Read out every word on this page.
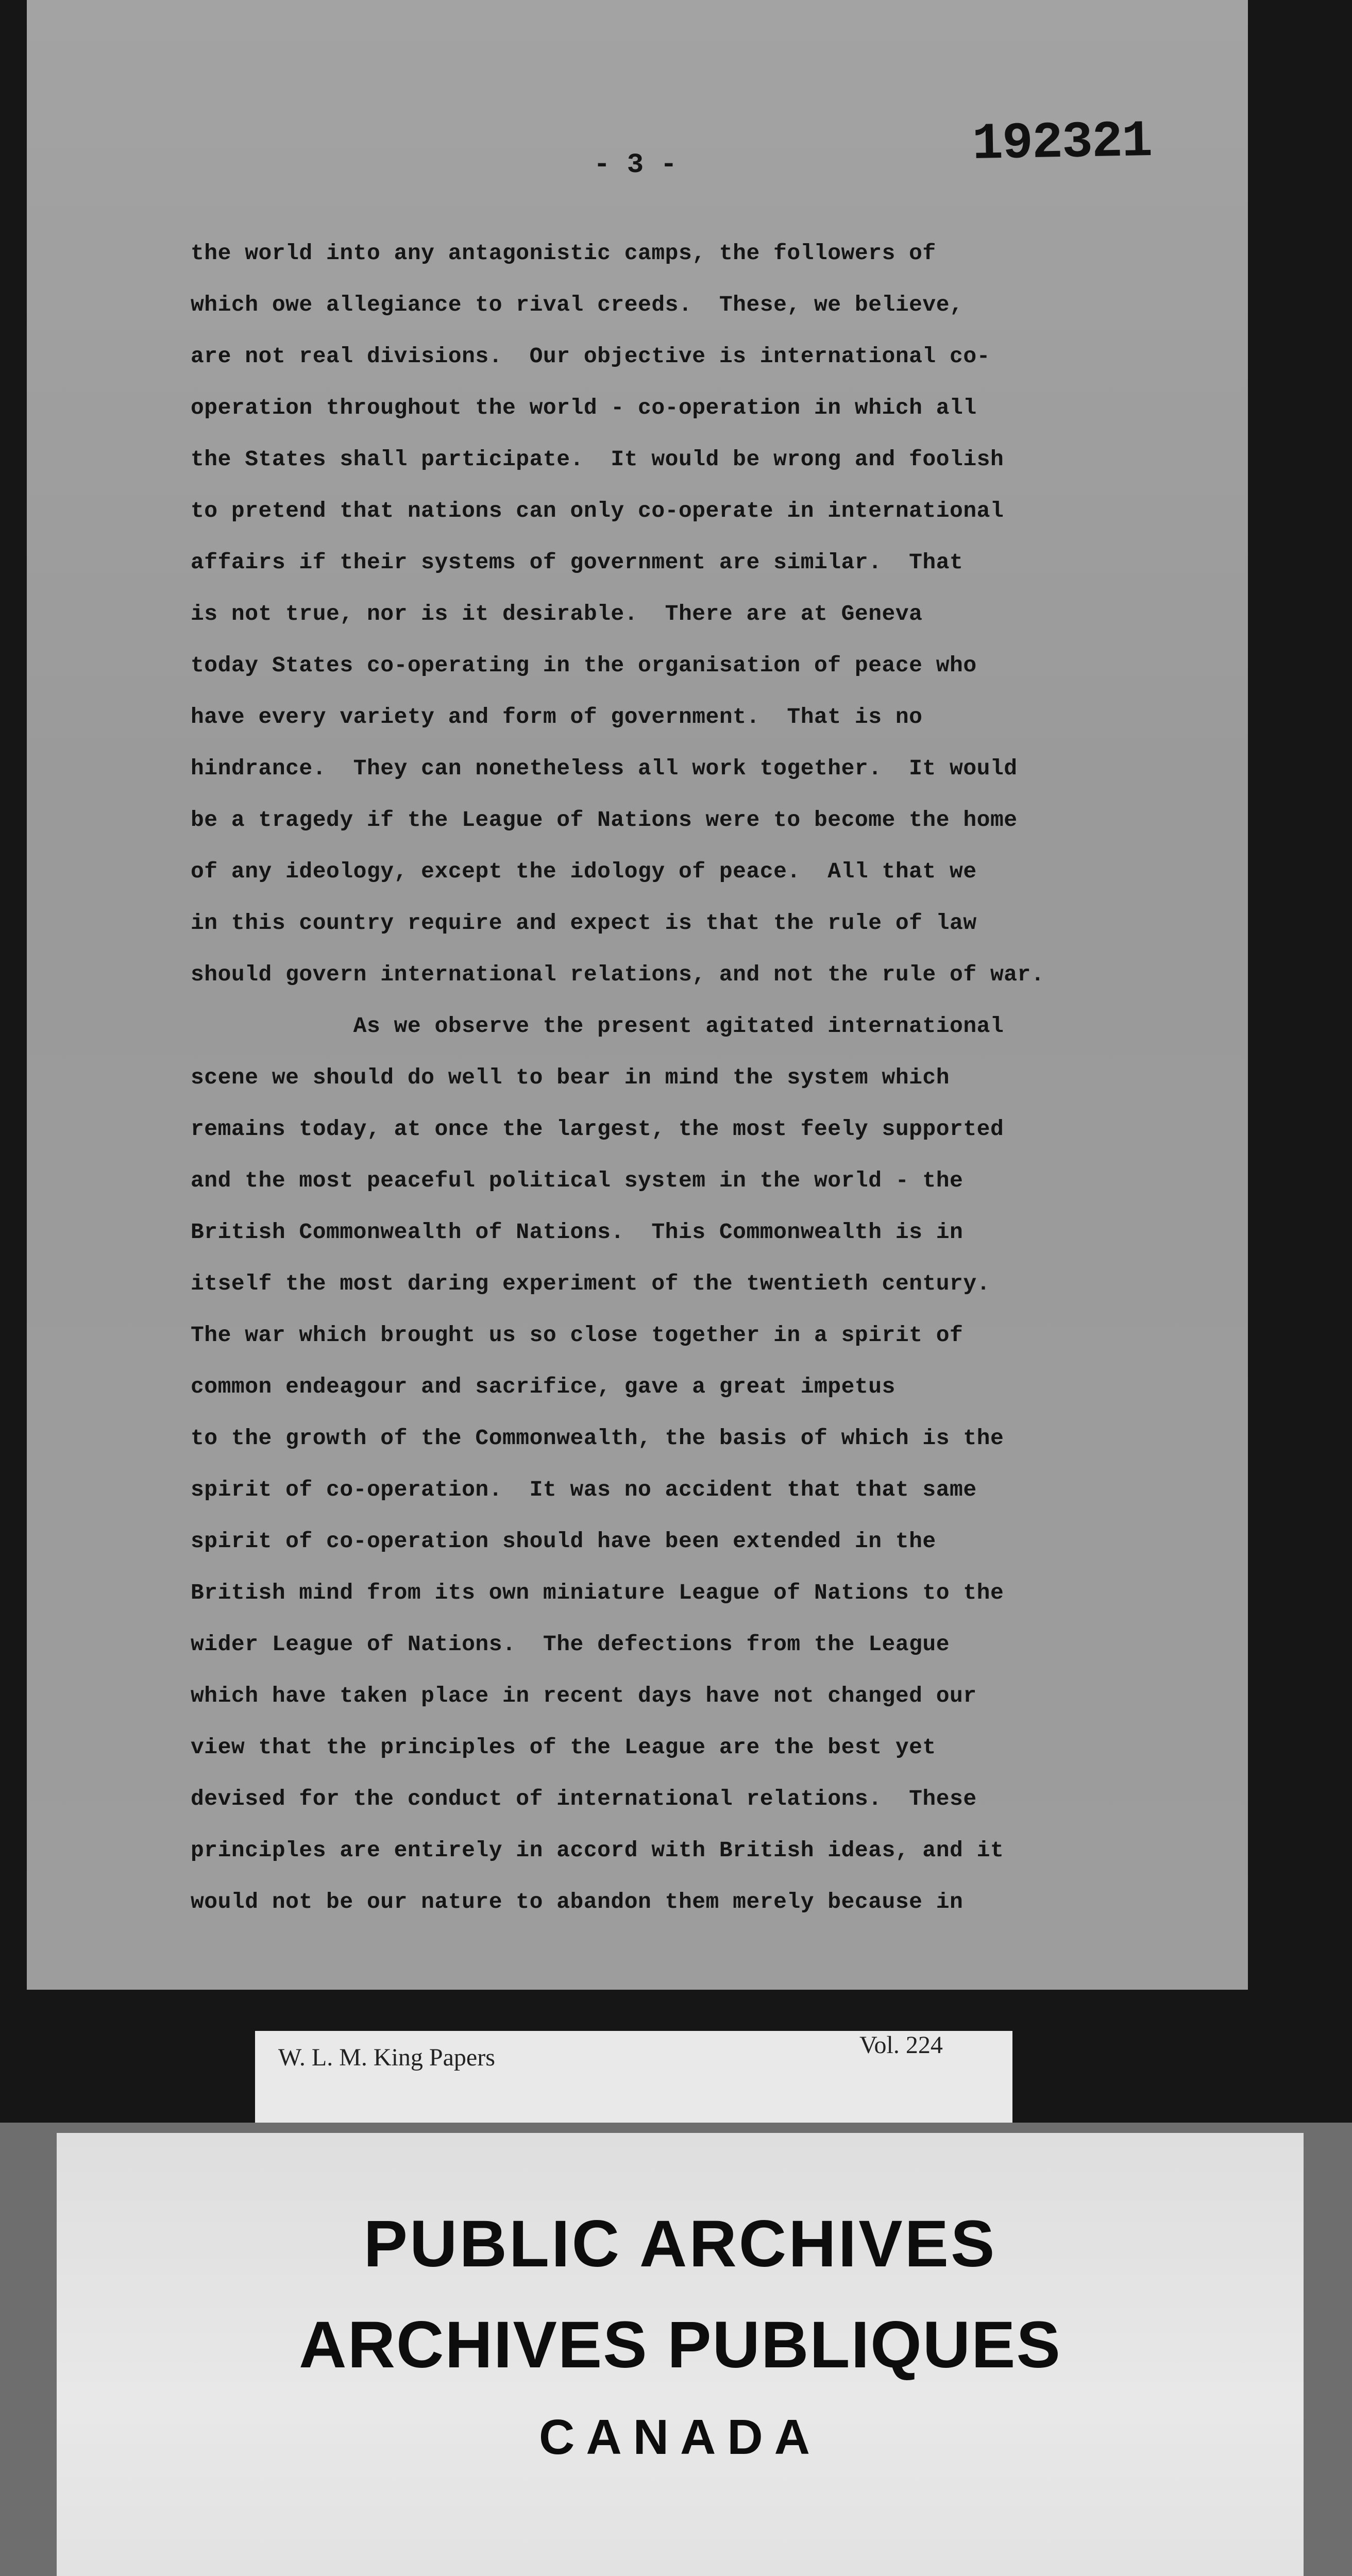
192321
- 3 -
the world into any antagonistic camps, the followers of
which owe allegiance to rival creeds.  These, we believe,
are not real divisions.  Our objective is international co-
operation throughout the world - co-operation in which all
the States shall participate.  It would be wrong and foolish
to pretend that nations can only co-operate in international
affairs if their systems of government are similar.  That
is not true, nor is it desirable.  There are at Geneva
today States co-operating in the organisation of peace who
have every variety and form of government.  That is no
hindrance.  They can nonetheless all work together.  It would
be a tragedy if the League of Nations were to become the home
of any ideology, except the idology of peace.  All that we
in this country require and expect is that the rule of law
should govern international relations, and not the rule of war.
As we observe the present agitated international
scene we should do well to bear in mind the system which
remains today, at once the largest, the most feely supported
and the most peaceful political system in the world - the
British Commonwealth of Nations.  This Commonwealth is in
itself the most daring experiment of the twentieth century.
The war which brought us so close together in a spirit of
common endeagour and sacrifice, gave a great impetus
to the growth of the Commonwealth, the basis of which is the
spirit of co-operation.  It was no accident that that same
spirit of co-operation should have been extended in the
British mind from its own miniature League of Nations to the
wider League of Nations.  The defections from the League
which have taken place in recent days have not changed our
view that the principles of the League are the best yet
devised for the conduct of international relations.  These
principles are entirely in accord with British ideas, and it
would not be our nature to abandon them merely because in
W. L. M. King Papers	Vol. 224
PUBLIC ARCHIVES
ARCHIVES PUBLIQUES
CANADA
